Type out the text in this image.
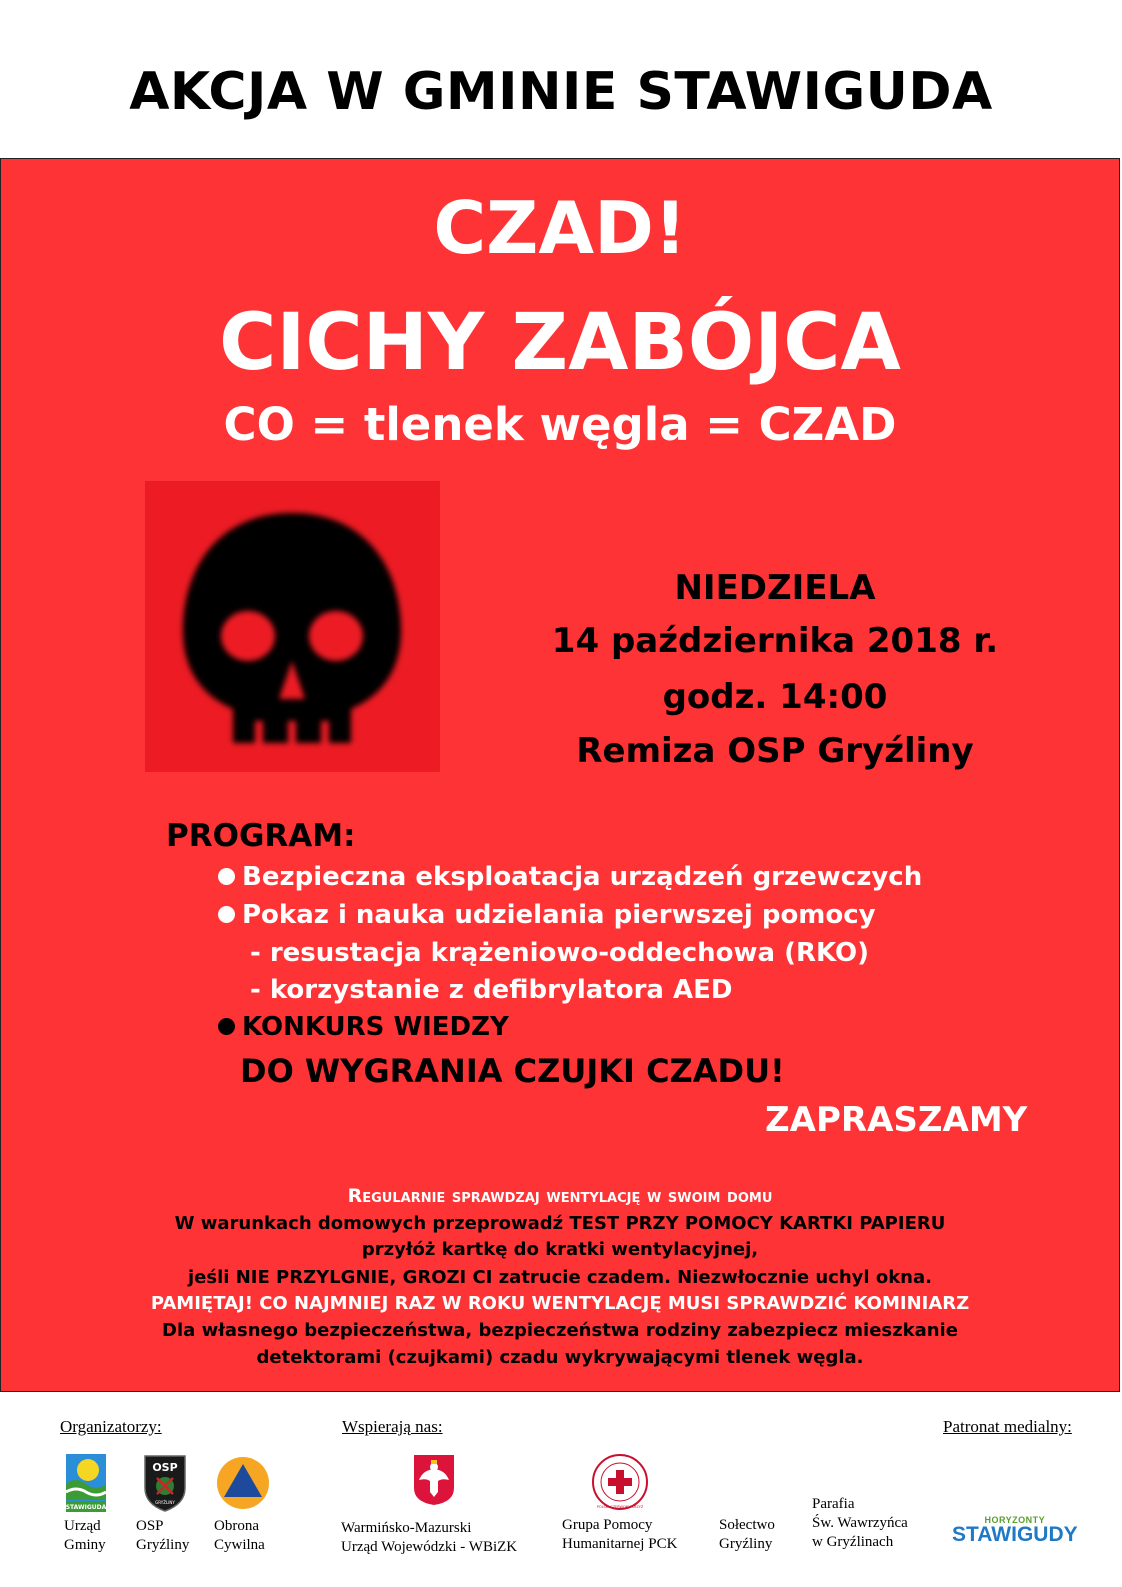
AKCJA W GMINIE STAWIGUDA
CZAD!
CICHY ZABÓJCA
CO = tlenek węgla = CZAD
NIEDZIELA
14 października 2018 r.
godz. 14:00
Remiza OSP Gryźliny
PROGRAM:
Bezpieczna eksploatacja urządzeń grzewczych
Pokaz i nauka udzielania pierwszej pomocy
- resustacja krążeniowo-oddechowa (RKO)
- korzystanie z defibrylatora AED
KONKURS WIEDZY
DO WYGRANIA CZUJKI CZADU!
ZAPRASZAMY
Regularnie sprawdzaj wentylację w swoim domu
W warunkach domowych przeprowadź TEST PRZY POMOCY KARTKI PAPIERU
przyłóż kartkę do kratki wentylacyjnej,
jeśli NIE PRZYLGNIE, GROZI CI zatrucie czadem. Niezwłocznie uchyl okna.
PAMIĘTAJ! CO NAJMNIEJ RAZ W ROKU WENTYLACJĘ MUSI SPRAWDZIĆ KOMINIARZ
Dla własnego bezpieczeństwa, bezpieczeństwa rodziny zabezpiecz mieszkanie
detektorami (czujkami) czadu wykrywającymi tlenek węgla.
Organizatorzy:	Wspierają nas:	Patronat medialny:
STAWIGUDA
Urząd
Gminy
OSP
GRYŹLINY
OSP
Gryźliny
Obrona
Cywilna
Warmińsko-Mazurski
Urząd Wojewódzki - WBiZK
POLSKI CZERWONY KRZYŻ
Grupa Pomocy
Humanitarnej PCK
Sołectwo
Gryźliny
Parafia
Św. Wawrzyńca
w Gryźlinach
HORYZONTY
STAWIGUDY
